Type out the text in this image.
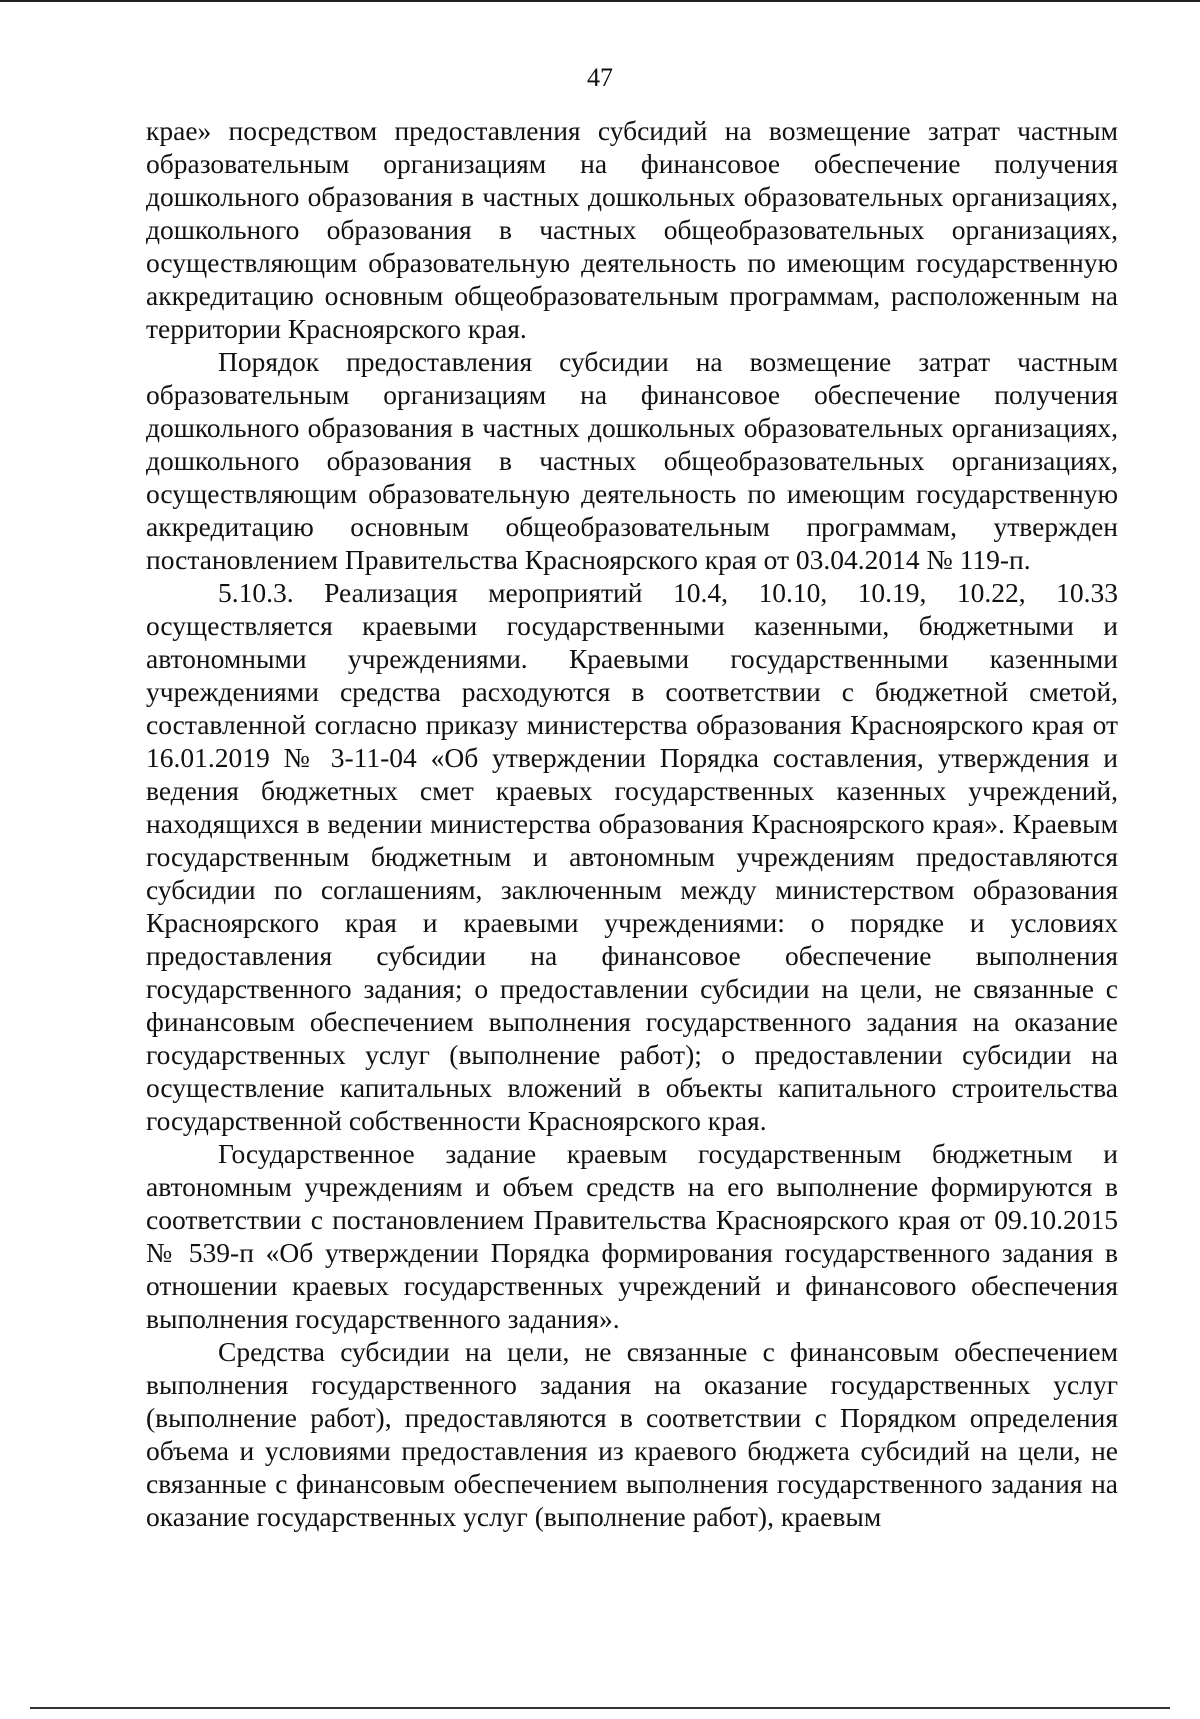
47

крае» посредством предоставления субсидий на возмещение затрат частным образовательным организациям на финансовое обеспечение получения дошкольного образования в частных дошкольных образовательных организациях, дошкольного образования в частных общеобразовательных организациях, осуществляющим образовательную деятельность по имеющим государственную аккредитацию основным общеобразовательным программам, расположенным на территории Красноярского края.

Порядок предоставления субсидии на возмещение затрат частным образовательным организациям на финансовое обеспечение получения дошкольного образования в частных дошкольных образовательных организациях, дошкольного образования в частных общеобразовательных организациях, осуществляющим образовательную деятельность по имеющим государственную аккредитацию основным общеобразовательным программам, утвержден постановлением Правительства Красноярского края от 03.04.2014 № 119-п.

5.10.3. Реализация мероприятий 10.4, 10.10, 10.19, 10.22, 10.33 осуществляется краевыми государственными казенными, бюджетными и автономными учреждениями. Краевыми государственными казенными учреждениями средства расходуются в соответствии с бюджетной сметой, составленной согласно приказу министерства образования Красноярского края от 16.01.2019 № 3-11-04 «Об утверждении Порядка составления, утверждения и ведения бюджетных смет краевых государственных казенных учреждений, находящихся в ведении министерства образования Красноярского края». Краевым государственным бюджетным и автономным учреждениям предоставляются субсидии по соглашениям, заключенным между министерством образования Красноярского края и краевыми учреждениями: о порядке и условиях предоставления субсидии на финансовое обеспечение выполнения государственного задания; о предоставлении субсидии на цели, не связанные с финансовым обеспечением выполнения государственного задания на оказание государственных услуг (выполнение работ); о предоставлении субсидии на осуществление капитальных вложений в объекты капитального строительства государственной собственности Красноярского края.

Государственное задание краевым государственным бюджетным и автономным учреждениям и объем средств на его выполнение формируются в соответствии с постановлением Правительства Красноярского края от 09.10.2015 № 539-п «Об утверждении Порядка формирования государственного задания в отношении краевых государственных учреждений и финансового обеспечения выполнения государственного задания».

Средства субсидии на цели, не связанные с финансовым обеспечением выполнения государственного задания на оказание государственных услуг (выполнение работ), предоставляются в соответствии с Порядком определения объема и условиями предоставления из краевого бюджета субсидий на цели, не связанные с финансовым обеспечением выполнения государственного задания на оказание государственных услуг (выполнение работ), краевым
